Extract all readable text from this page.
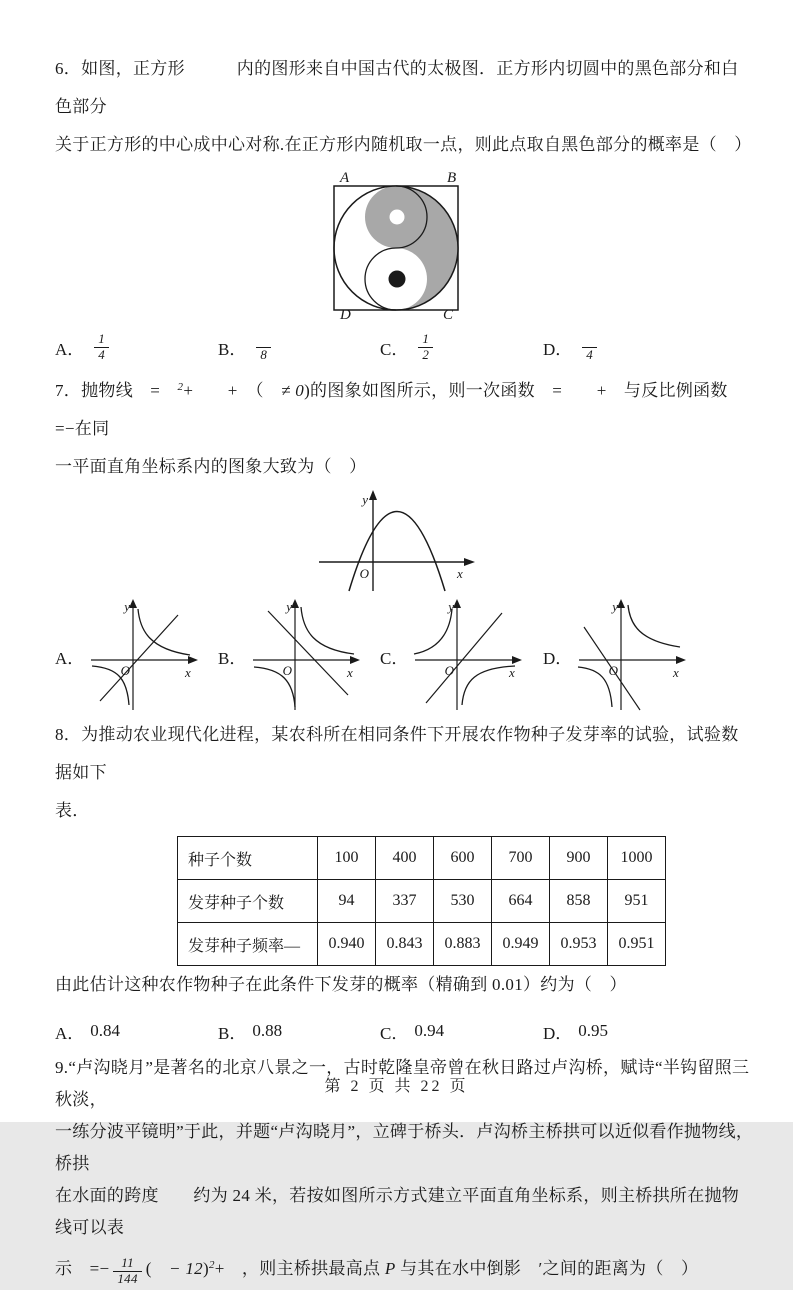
6．如图，正方形　　　内的图形来自中国古代的太极图．正方形内切圆中的黑色部分和白色部分

关于正方形的中心成中心对称.在正方形内随机取一点，则此点取自黑色部分的概率是（　）

A	B
D	C
A． $\frac{1}{4}$	B．	8	C． $\frac{1}{2}$	D．	4

7．抛物线　=　$^2$+　　+　（　≠ 0)的图象如图所示，则一次函数　=　　+　与反比例函数　=−在同

一平面直角坐标系内的图象大致为（　）

y
x
O
A．
y
x
O
B．
y
x
O
C．
y
x
O
D．
y
x
O

8．为推动农业现代化进程，某农科所在相同条件下开展农作物种子发芽率的试验，试验数据如下

表．

种子个数	100	400	600	700	900	1000
发芽种子个数	94	337	530	664	858	951
发芽种子频率—	0.940	0.843	0.883	0.949	0.953	0.951

由此估计这种农作物种子在此条件下发芽的概率（精确到 0.01）约为（　）

A． 0.84	B． 0.88	C． 0.94	D． 0.95

9.“卢沟晓月”是著名的北京八景之一，古时乾隆皇帝曾在秋日路过卢沟桥，赋诗“半钩留照三秋淡，

一练分波平镜明”于此，并题“卢沟晓月”，立碑于桥头．卢沟桥主桥拱可以近似看作抛物线，桥拱

在水面的跨度　　约为 24 米，若按如图所示方式建立平面直角坐标系，则主桥拱所在抛物线可以表

示　=− $\frac{11}{144}$ (　− 12)$^2$+　，则主桥拱最高点 P 与其在水中倒影　′之间的距离为（　）

第 2 页 共 22 页
